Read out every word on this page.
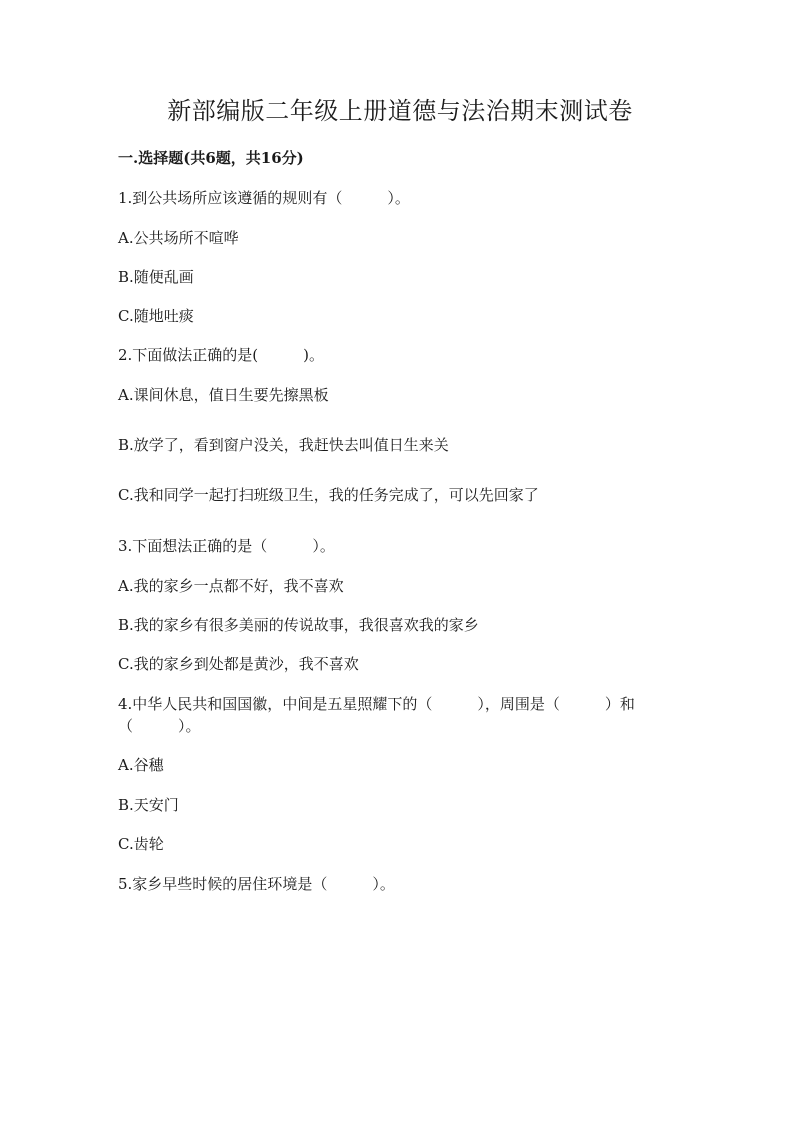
新部编版二年级上册道德与法治期末测试卷

一.选择题(共6题，共16分)

1.到公共场所应该遵循的规则有（　　　）。

A.公共场所不喧哗

B.随便乱画

C.随地吐痰

2.下面做法正确的是(　　　)。

A.课间休息，值日生要先擦黑板

B.放学了，看到窗户没关，我赶快去叫值日生来关

C.我和同学一起打扫班级卫生，我的任务完成了，可以先回家了

3.下面想法正确的是（　　　）。

A.我的家乡一点都不好，我不喜欢

B.我的家乡有很多美丽的传说故事，我很喜欢我的家乡

C.我的家乡到处都是黄沙，我不喜欢

4.中华人民共和国国徽，中间是五星照耀下的（　　　），周围是（　　　）和

（　　　）。

A.谷穗

B.天安门

C.齿轮

5.家乡早些时候的居住环境是（　　　）。
